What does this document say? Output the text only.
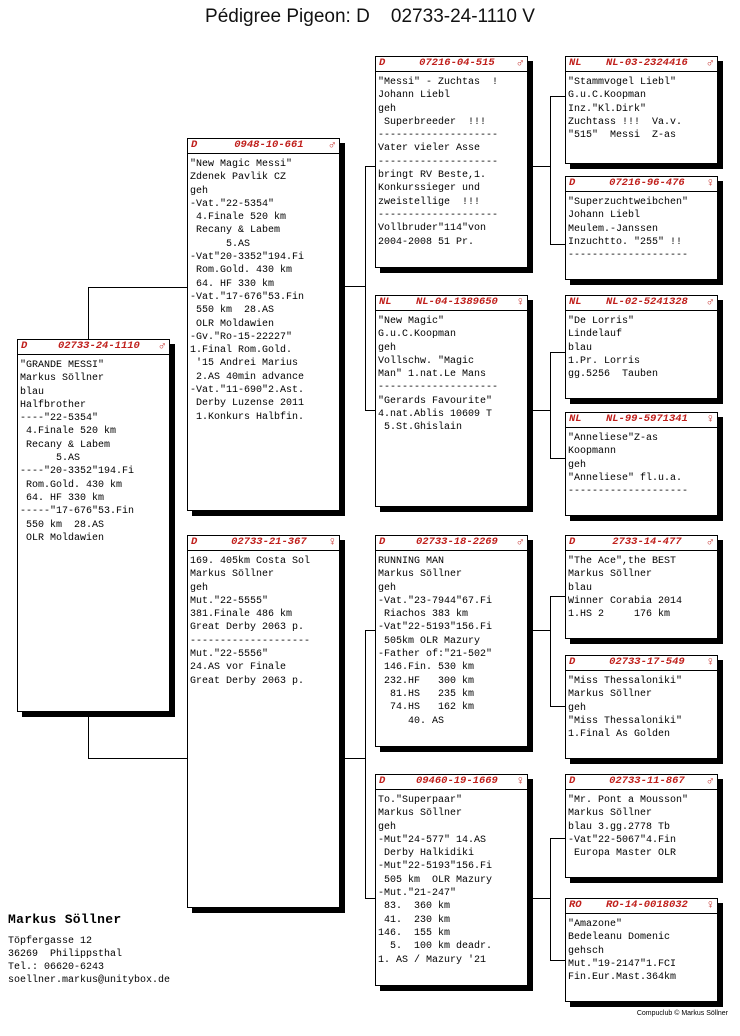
Pédigree Pigeon: D    02733-24-1110 V
D	02733-24-1110	♂
"GRANDE MESSI"
Markus Söllner
blau
Halfbrother
----"22-5354"
4.Finale 520 km
Recany & Labem
5.AS
----"20-3352"194.Fi
Rom.Gold. 430 km
64. HF 330 km
-----"17-676"53.Fin
550 km  28.AS
OLR Moldawien
D	0948-10-661	♂
"New Magic Messi"
Zdenek Pavlik CZ
geh
-Vat."22-5354"
4.Finale 520 km
Recany & Labem
5.AS
-Vat"20-3352"194.Fi
Rom.Gold. 430 km
64. HF 330 km
-Vat."17-676"53.Fin
550 km  28.AS
OLR Moldawien
-Gv."Ro-15-22227"
1.Final Rom.Gold.
'15 Andrei Marius
2.AS 40min advance
-Vat."11-690"2.Ast.
Derby Luzense 2011
1.Konkurs Halbfin.
D	02733-21-367	♀
169. 405km Costa Sol
Markus Söllner
geh
Mut."22-5555"
381.Finale 486 km
Great Derby 2063 p.
--------------------
Mut."22-5556"
24.AS vor Finale
Great Derby 2063 p.
D	07216-04-515	♂
"Messi" - Zuchtas  !
Johann Liebl
geh
Superbreeder  !!!
--------------------
Vater vieler Asse
--------------------
bringt RV Beste,1.
Konkurssieger und
zweistellige  !!!
--------------------
Vollbruder"114"von
2004-2008 51 Pr.
NL	NL-04-1389650	♀
"New Magic"
G.u.C.Koopman
geh
Vollschw. "Magic
Man" 1.nat.Le Mans
--------------------
"Gerards Favourite"
4.nat.Ablis 10609 T
5.St.Ghislain
D	02733-18-2269	♂
RUNNING MAN
Markus Söllner
geh
-Vat."23-7944"67.Fi
Riachos 383 km
-Vat"22-5193"156.Fi
505km OLR Mazury
-Father of:"21-502"
146.Fin. 530 km
232.HF   300 km
81.HS   235 km
74.HS   162 km
40. AS
D	09460-19-1669	♀
To."Superpaar"
Markus Söllner
geh
-Mut"24-577" 14.AS
Derby Halkidiki
-Mut"22-5193"156.Fi
505 km  OLR Mazury
-Mut."21-247"
83.  360 km
41.  230 km
146.  155 km
5.  100 km deadr.
1. AS / Mazury '21
NL	NL-03-2324416	♂
"Stammvogel Liebl"
G.u.C.Koopman
Inz."Kl.Dirk"
Zuchtass !!!  Va.v.
"515"  Messi  Z-as
D	07216-96-476	♀
"Superzuchtweibchen"
Johann Liebl
Meulem.-Janssen
Inzuchtto. "255" !!
--------------------
NL	NL-02-5241328	♂
"De Lorris"
Lindelauf
blau
1.Pr. Lorris
gg.5256  Tauben
NL	NL-99-5971341	♀
"Anneliese"Z-as
Koopmann
geh
"Anneliese" fl.u.a.
--------------------
D	2733-14-477	♂
"The Ace",the BEST
Markus Söllner
blau
Winner Corabia 2014
1.HS 2     176 km
D	02733-17-549	♀
"Miss Thessaloniki"
Markus Söllner
geh
"Miss Thessaloniki"
1.Final As Golden
D	02733-11-867	♂
"Mr. Pont a Mousson"
Markus Söllner
blau 3.gg.2778 Tb
-Vat"22-5067"4.Fin
Europa Master OLR
RO	RO-14-0018032	♀
"Amazone"
Bedeleanu Domenic
gehsch
Mut."19-2147"1.FCI
Fin.Eur.Mast.364km
Markus Söllner
Töpfergasse 12
36269  Philippsthal
Tel.: 06620-6243
soellner.markus@unitybox.de
Compuclub © Markus Söllner
